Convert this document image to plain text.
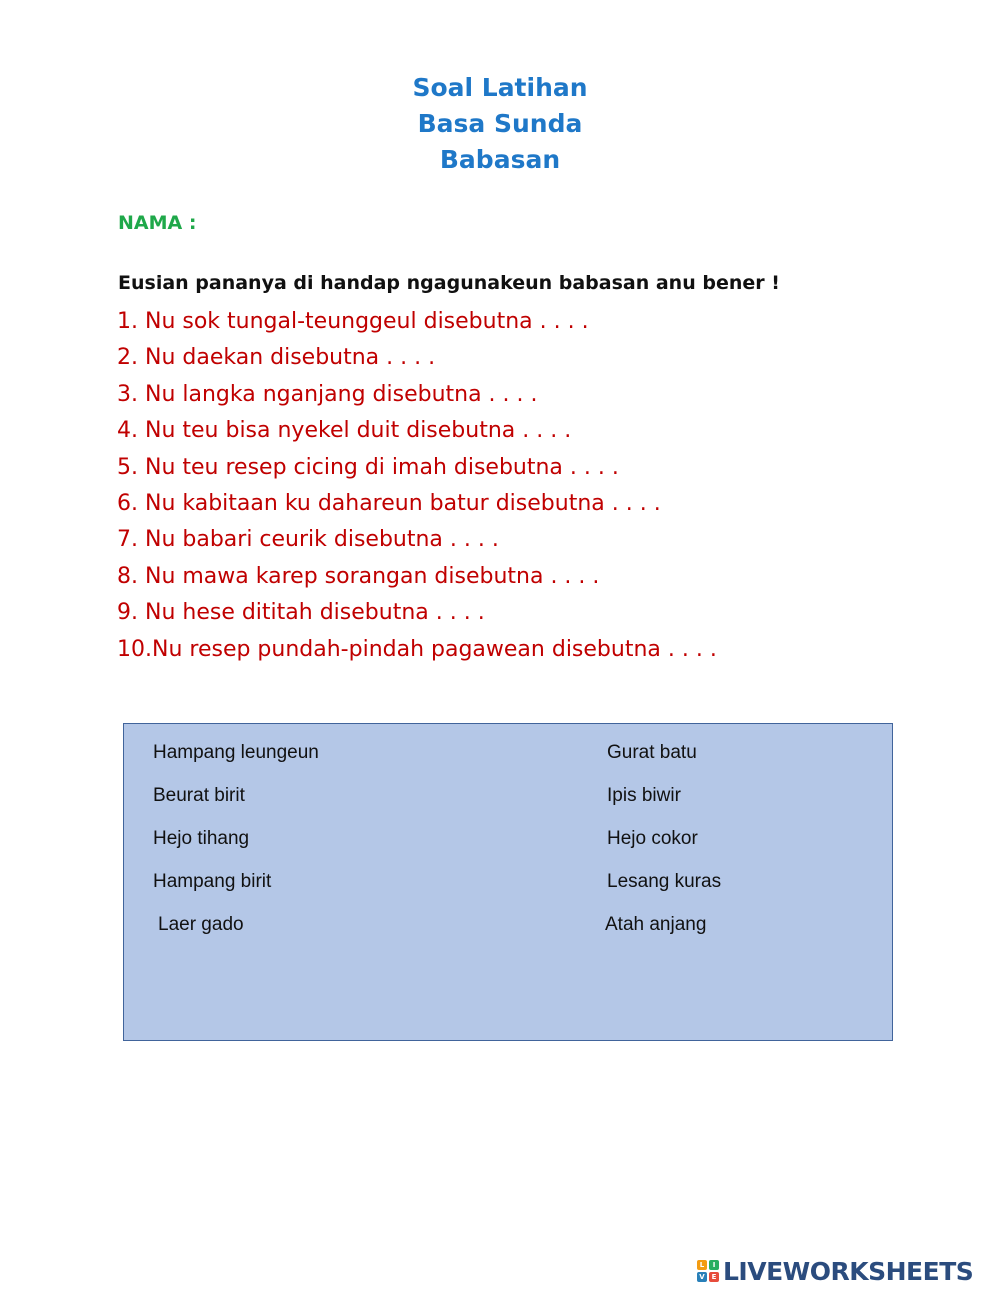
Soal Latihan
Basa Sunda
Babasan
NAMA :
Eusian pananya di handap ngagunakeun babasan anu bener !
1. Nu sok tungal-teunggeul disebutna . . . .
2. Nu daekan disebutna . . . .
3. Nu langka nganjang disebutna . . . .
4. Nu teu bisa nyekel duit disebutna . . . .
5. Nu teu resep cicing di imah disebutna . . . .
6. Nu kabitaan ku dahareun batur disebutna . . . .
7. Nu babari ceurik disebutna . . . .
8. Nu mawa karep sorangan disebutna . . . .
9. Nu hese dititah disebutna . . . .
10.Nu resep pundah-pindah pagawean disebutna . . . .
Hampang leungeun
Beurat birit
Hejo tihang
Hampang birit
Laer gado
Gurat batu
Ipis biwir
Hejo cokor
Lesang kuras
Atah anjang
L	I
V E LIVEWORKSHEETS
